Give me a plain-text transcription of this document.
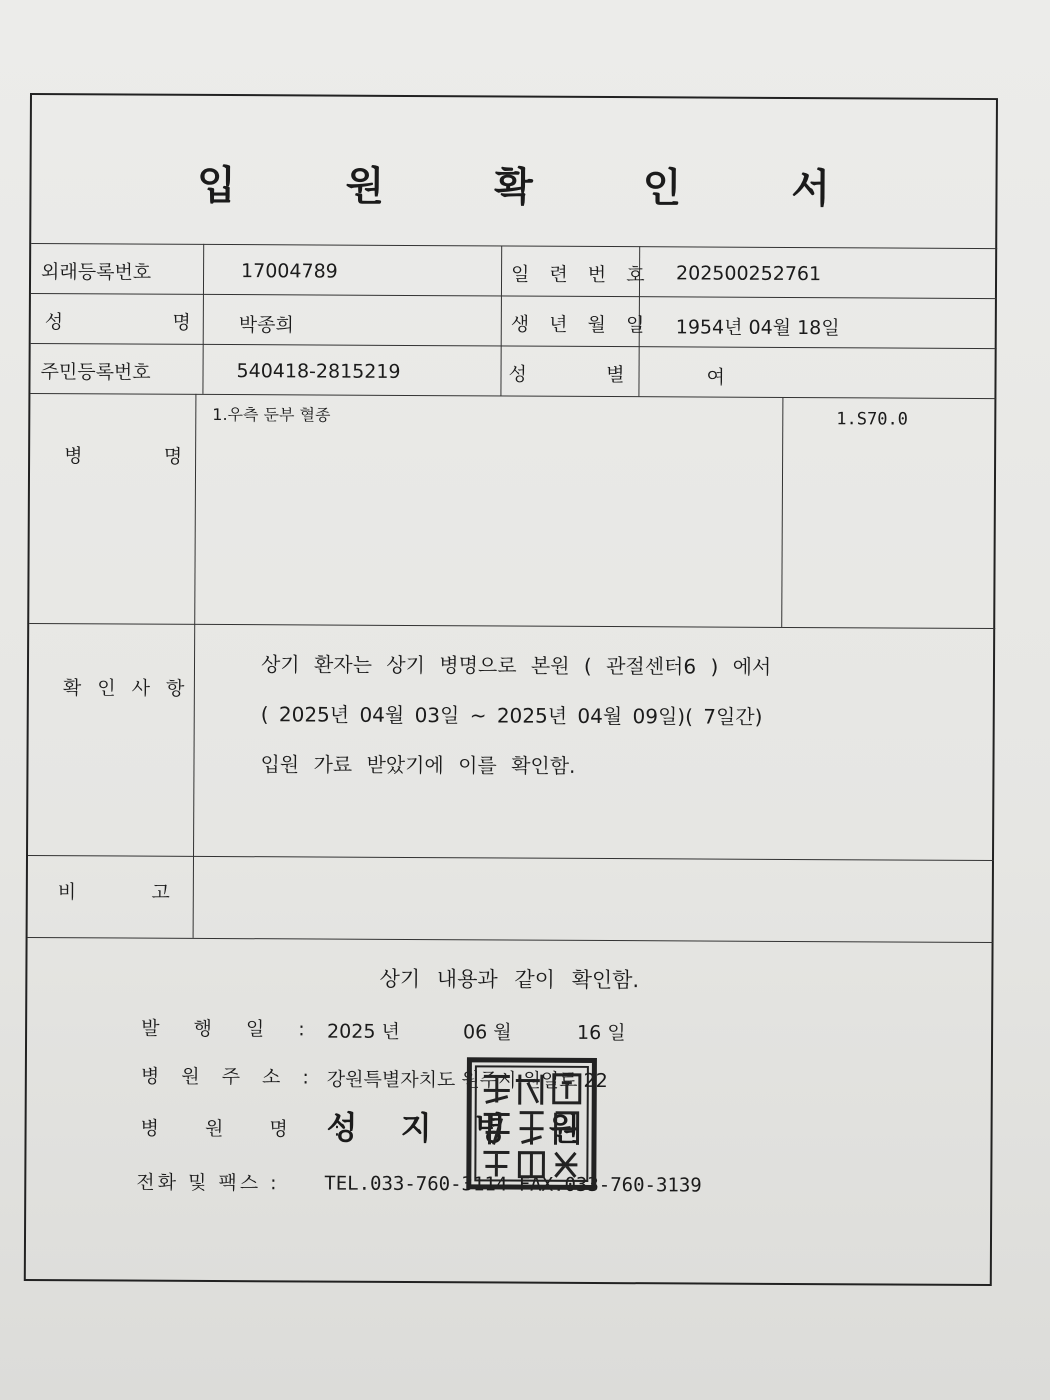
입 원 확 인 서
외래등록번호	17004789	일 련 번 호 202500252761
성	명	박종희	생 년 월 일 1954년 04월 18일
주민등록번호	540418-2815219	성	별	여
병	명
1.우측 둔부 혈종	1.S70.0
확 인 사 항
상기 환자는 상기 병명으로 본원 ( 관절센터6 ) 에서
( 2025년 04월 03일 ~ 2025년 04월 09일)( 7일간)
입원 가료 받았기에 이를 확인함.
비	고
상기 내용과 같이 확인함.
발 행 일 : 2025 년	06 월	16 일
병 원 주 소 : 강원특별자치도 원주시 원일로 22
병 원 명 :
성 지 병 원
전화 및 팩스 : TEL.033-760-3114 FAX.033-760-3139
